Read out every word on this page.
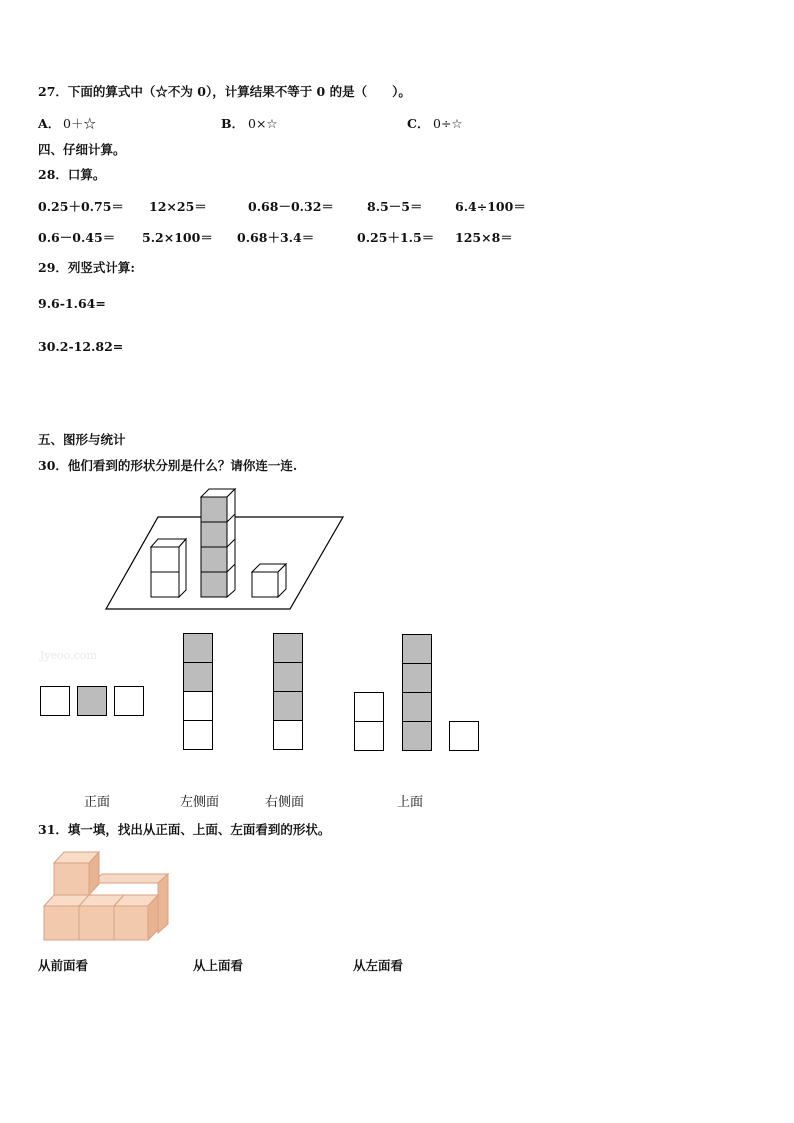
27．下面的算式中（☆不为 0），计算结果不等于 0 的是（　　）。
A． 0＋☆	B． 0×☆	C． 0÷☆
四、仔细计算。
28．口算。
0.25＋0.75＝ 12×25＝	0.68－0.32＝	8.5－5＝	6.4÷100＝
0.6－0.45＝ 5.2×100＝ 0.68＋3.4＝	0.25＋1.5＝ 125×8＝
29．列竖式计算:
9.6-1.64=
30.2-12.82=
五、图形与统计
30．他们看到的形状分别是什么？请你连一连.
Jyeoo.com
正面	左侧面	右侧面	上面
31．填一填，找出从正面、上面、左面看到的形状。
从前面看	从上面看	从左面看
